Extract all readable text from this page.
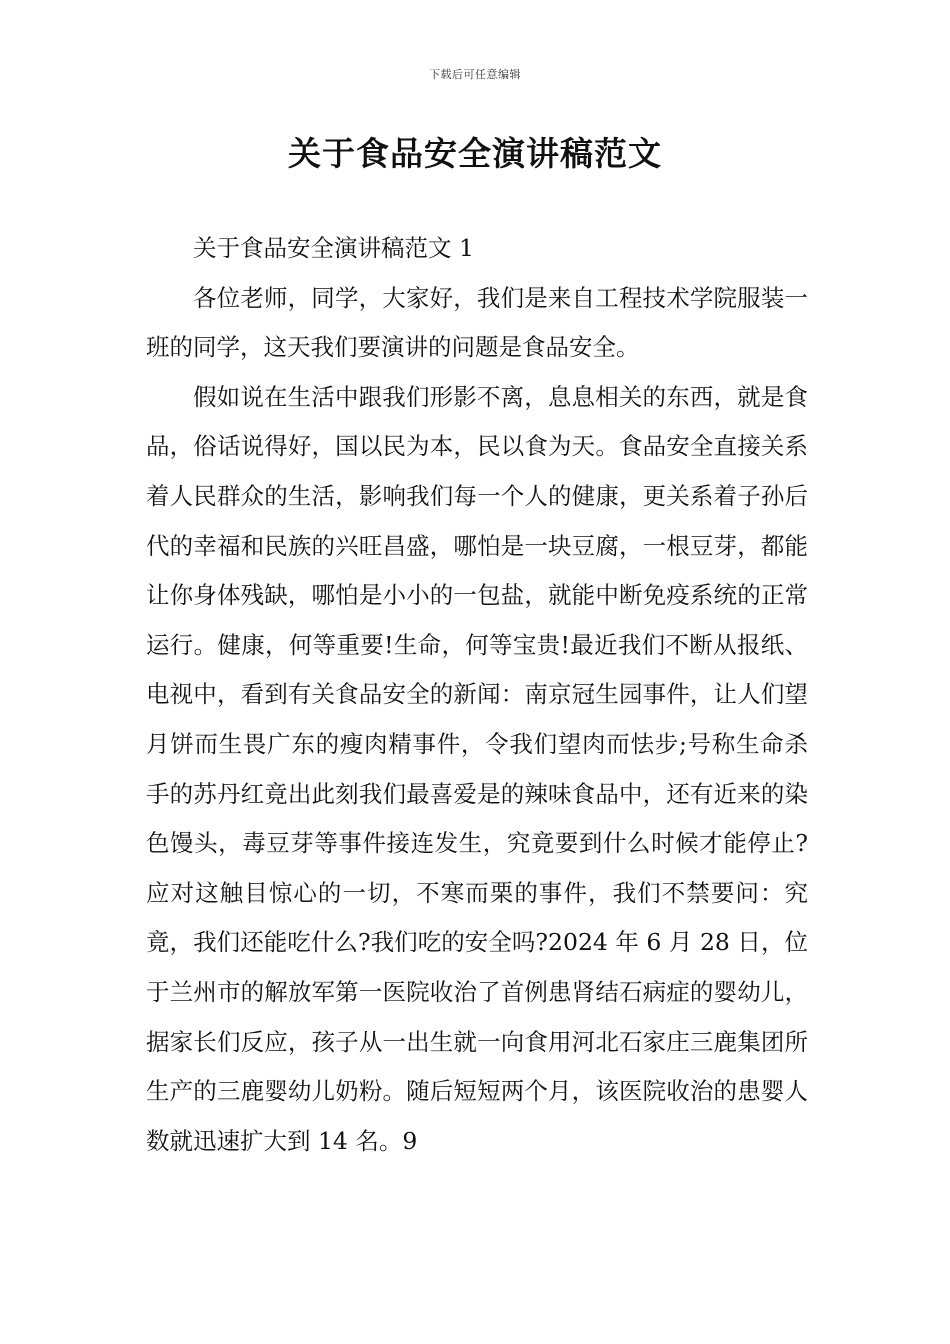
下载后可任意编辑
关于食品安全演讲稿范文

关于食品安全演讲稿范文 1

各位老师，同学，大家好，我们是来自工程技术学院服装一班的同学，这天我们要演讲的问题是食品安全。

假如说在生活中跟我们形影不离，息息相关的东西，就是食品，俗话说得好，国以民为本，民以食为天。食品安全直接关系着人民群众的生活，影响我们每一个人的健康，更关系着子孙后代的幸福和民族的兴旺昌盛，哪怕是一块豆腐，一根豆芽，都能让你身体残缺，哪怕是小小的一包盐，就能中断免疫系统的正常运行。健康，何等重要!生命，何等宝贵!最近我们不断从报纸、电视中，看到有关食品安全的新闻：南京冠生园事件，让人们望月饼而生畏广东的瘦肉精事件，令我们望肉而怯步;号称生命杀手的苏丹红竟出此刻我们最喜爱是的辣味食品中，还有近来的染色馒头，毒豆芽等事件接连发生，究竟要到什么时候才能停止?应对这触目惊心的一切，不寒而栗的事件，我们不禁要问：究竟，我们还能吃什么?我们吃的安全吗?2024 年 6 月 28 日，位于兰州市的解放军第一医院收治了首例患肾结石病症的婴幼儿，据家长们反应，孩子从一出生就一向食用河北石家庄三鹿集团所生产的三鹿婴幼儿奶粉。随后短短两个月，该医院收治的患婴人数就迅速扩大到 14 名。9
